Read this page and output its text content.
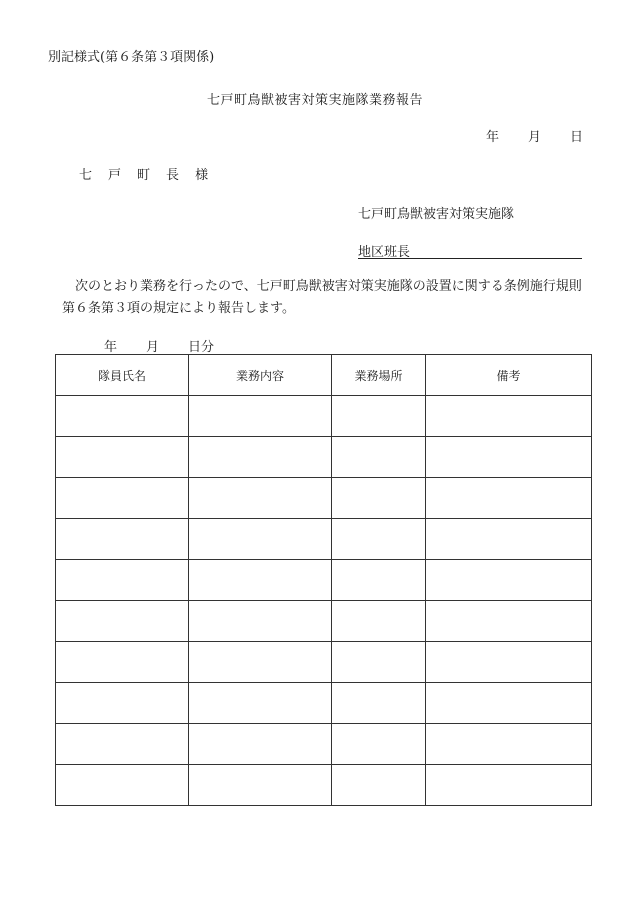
別記様式(第６条第３項関係)
七戸町鳥獣被害対策実施隊業務報告
年 月 日
七 戸 町 長 様
七戸町鳥獣被害対策実施隊
地区班長
　次のとおり業務を行ったので、七戸町鳥獣被害対策実施隊の設置に関する条例施行規則第６条第３項の規定により報告します。
年 月 日分
隊員氏名	業務内容	業務場所	備考
